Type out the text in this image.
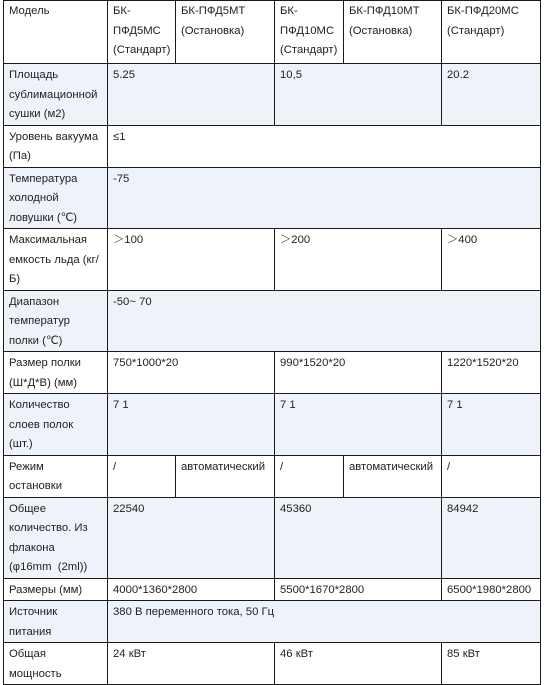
Модель	БК-
ПФД5МС
(Стандарт)	БК-ПФД5МТ
(Остановка)	БК-
ПФД10МС
(Стандарт)	БК-ПФД10МТ
(Остановка)	БК-ПФД20МС
(Стандарт)
Площадь
сублимационной
сушки (м2)	5.25		10,5		20.2
Уровень вакуума
(Па)	≤1				
Температура
холодной
ловушки (℃)	-75				
Максимальная
емкость льда (кг/
Б)	＞100		＞200		＞400
Диапазон
температур
полки (℃)	-50~ 70				
Размер полки
(Ш*Д*В) (мм)	750*1000*20		990*1520*20		1220*1520*20
Количество
слоев полок
(шт.)	7 1		7 1		7 1
Режим
остановки	/	автоматический	/	автоматический	/
Общее
количество. Из
флакона
(φ16mm  (2ml))	22540		45360		84942
Размеры (мм)	4000*1360*2800		5500*1670*2800		6500*1980*2800
Источник
питания	380 В переменного тока, 50 Гц				
Общая
мощность	24 кВт		46 кВт		85 кВт
